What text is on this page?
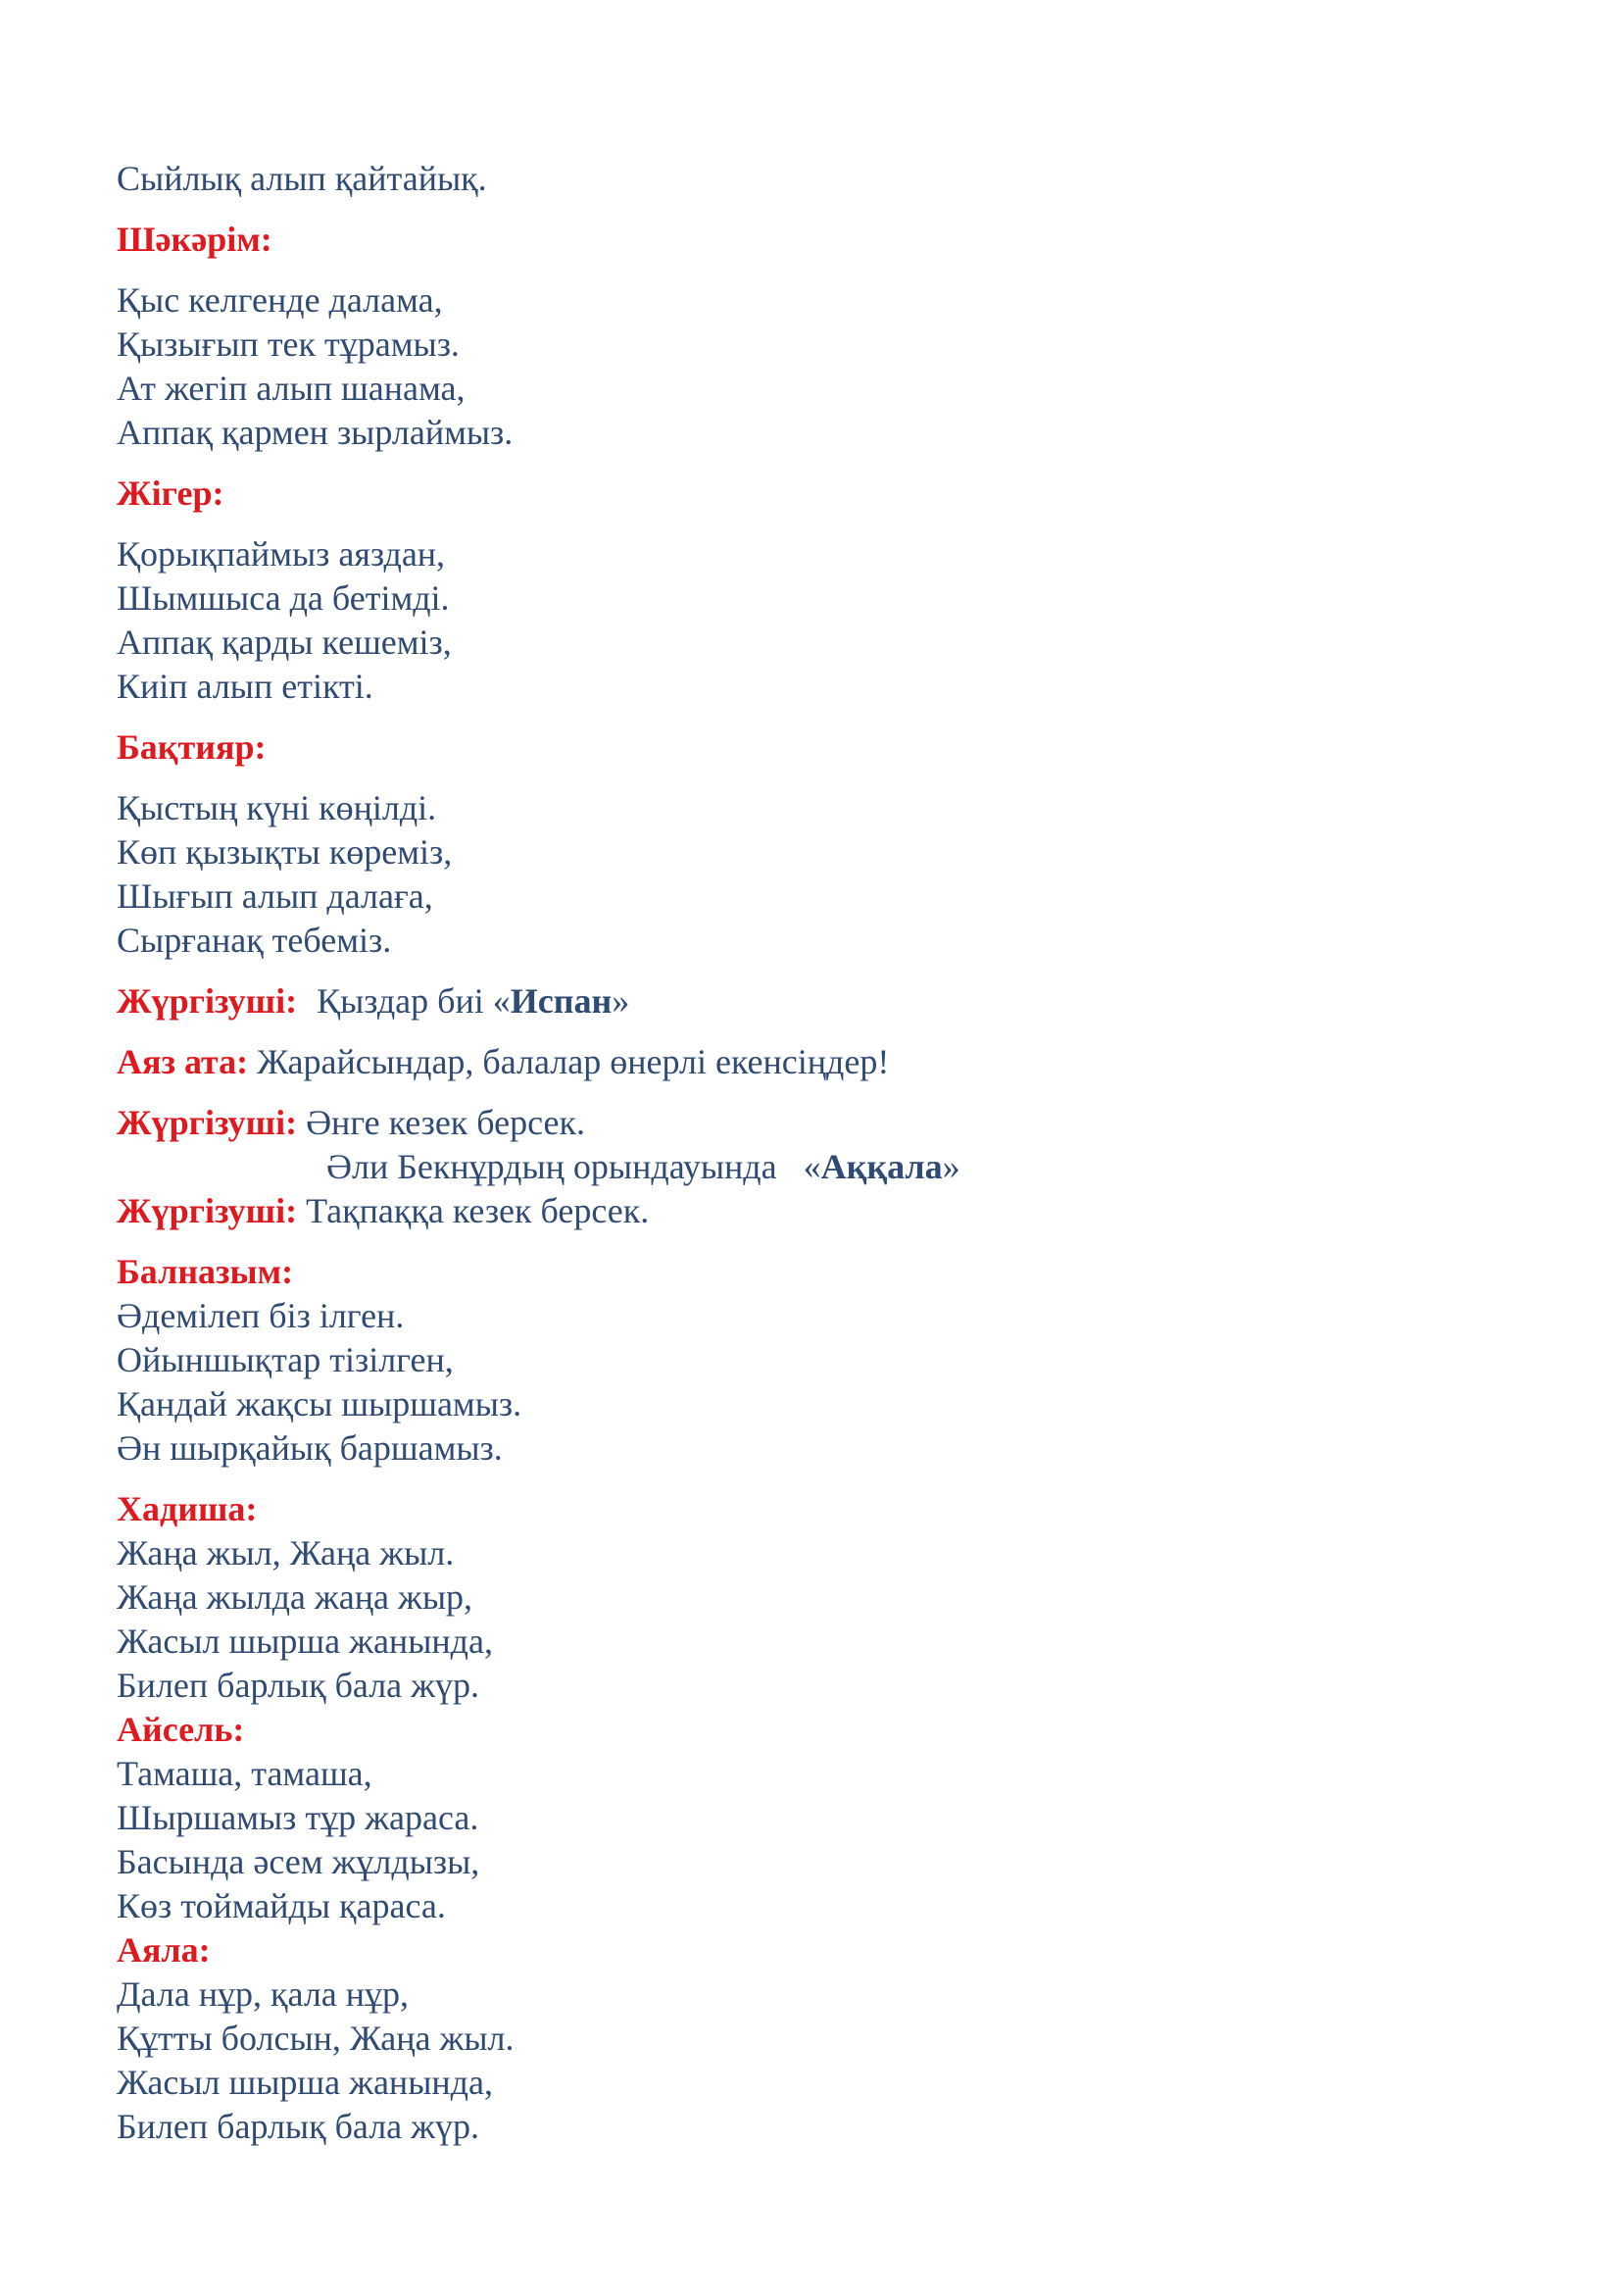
Сыйлық алып қайтайық.
Шәкәрім:
Қыс келгенде далама,
Қызығып тек тұрамыз.
Ат жегіп алып шанама,
Аппақ қармен зырлаймыз.
Жігер:
Қорықпаймыз аяздан,
Шымшыса да бетімді.
Аппақ қарды кешеміз,
Киіп алып етікті.
Бақтияр:
Қыстың күні көңілді.
Көп қызықты көреміз,
Шығып алып далаға,
Сырғанақ тебеміз.
Жүргізуші: Қыздар биі «Испан»
Аяз ата: Жарайсындар, балалар өнерлі екенсіңдер!
Жүргізуші: Әнге кезек берсек.
Әли Бекнұрдың орындауында   «Аққала»
Жүргізуші: Тақпаққа кезек берсек.
Балназым:
Әдемілеп біз ілген.
Ойыншықтар тізілген,
Қандай жақсы шыршамыз.
Ән шырқайық баршамыз.
Хадиша:
Жаңа жыл, Жаңа жыл.
Жаңа жылда жаңа жыр,
Жасыл шырша жанында,
Билеп барлық бала жүр.
Айсель:
Тамаша, тамаша,
Шыршамыз тұр жараса.
Басында әсем жұлдызы,
Көз тоймайды қараса.
Аяла:
Дала нұр, қала нұр,
Құтты болсын, Жаңа жыл.
Жасыл шырша жанында,
Билеп барлық бала жүр.
